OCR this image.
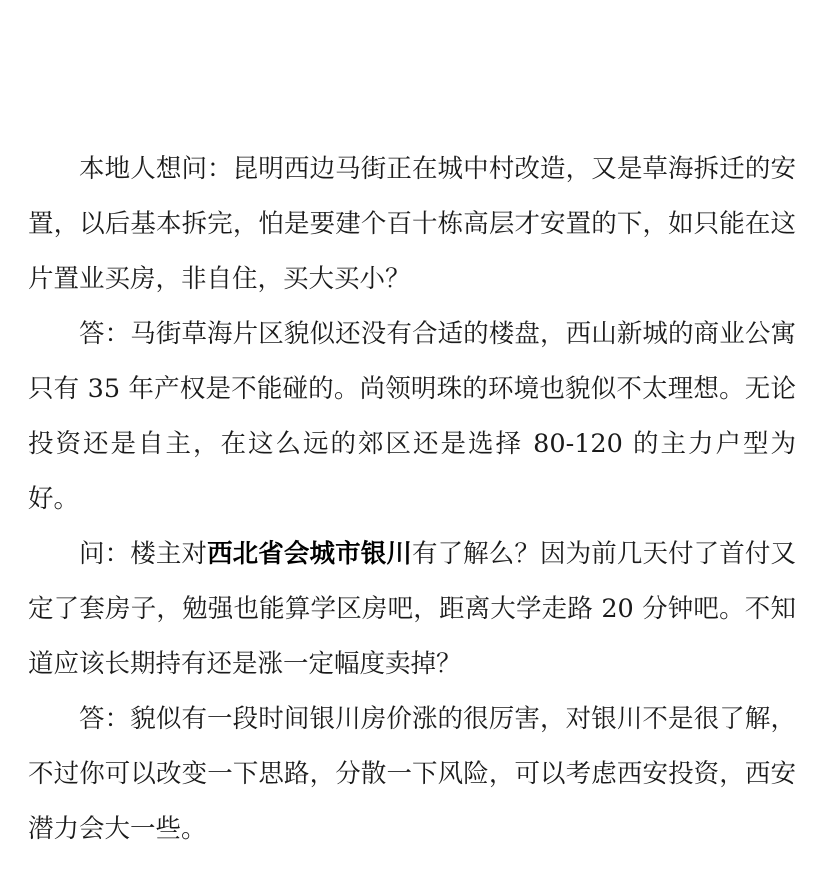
本地人想问：昆明西边马街正在城中村改造，又是草海拆迁的安置，以后基本拆完，怕是要建个百十栋高层才安置的下，如只能在这片置业买房，非自住，买大买小？

答：马街草海片区貌似还没有合适的楼盘，西山新城的商业公寓只有 35 年产权是不能碰的。尚领明珠的环境也貌似不太理想。无论投资还是自主，在这么远的郊区还是选择 80-120 的主力户型为好。

问：楼主对西北省会城市银川有了解么？因为前几天付了首付又定了套房子，勉强也能算学区房吧，距离大学走路 20 分钟吧。不知道应该长期持有还是涨一定幅度卖掉？

答：貌似有一段时间银川房价涨的很厉害，对银川不是很了解，不过你可以改变一下思路，分散一下风险，可以考虑西安投资，西安潜力会大一些。
